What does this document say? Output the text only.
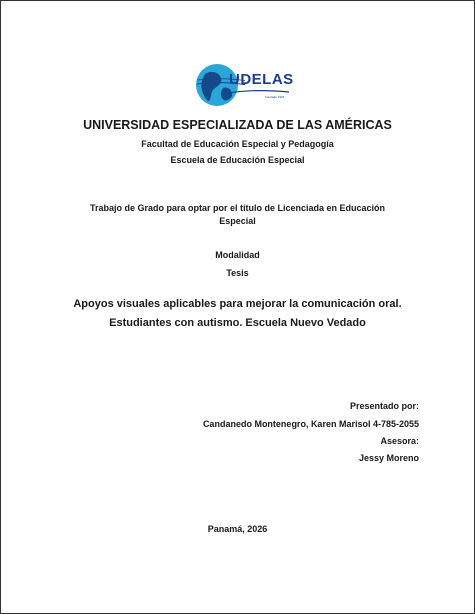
UDELAS
Fundada 1997
UNIVERSIDAD ESPECIALIZADA DE LAS AMÉRICAS
Facultad de Educación Especial y Pedagogía
Escuela de Educación Especial
Trabajo de Grado para optar por el título de Licenciada en Educación
Especial
Modalidad
Tesis
Apoyos visuales aplicables para mejorar la comunicación oral.
Estudiantes con autismo. Escuela Nuevo Vedado
Presentado por:
Candanedo Montenegro, Karen Marisol 4-785-2055
Asesora:
Jessy Moreno
Panamá, 2026
